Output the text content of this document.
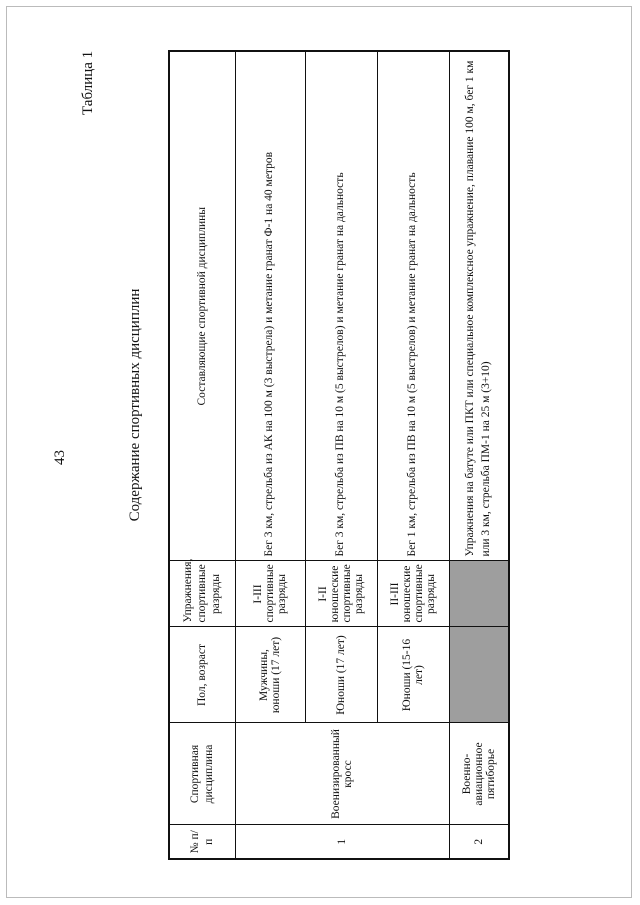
43
Таблица 1
Содержание спортивных дисциплин
№ п/п	Спортивная дисциплина	Пол, возраст	Упражнения, спортивные разряды	Составляющие спортивной дисциплины
1	Военизированный кросс	Мужчины, юноши (17 лет)	I-III спортивные разряды	Бег 3 км, стрельба из АК на 100 м (3 выстрела) и метание гранат Ф-1 на 40 метров
		Юноши (17 лет)	I-II юношеские спортивные разряды	Бег 3 км, стрельба из ПВ на 10 м (5 выстрелов) и метание гранат на дальность
		Юноши (15-16 лет)	II-III юношеские спортивные разряды	Бег 1 км, стрельба из ПВ на 10 м (5 выстрелов) и метание гранат на дальность
2	Военно-авиационное пятиборье			Упражнения на батуте или ПКТ или специальное комплексное упражнение, плавание 100 м, бег 1 км или 3 км, стрельба ПМ-1 на 25 м (3+10)
